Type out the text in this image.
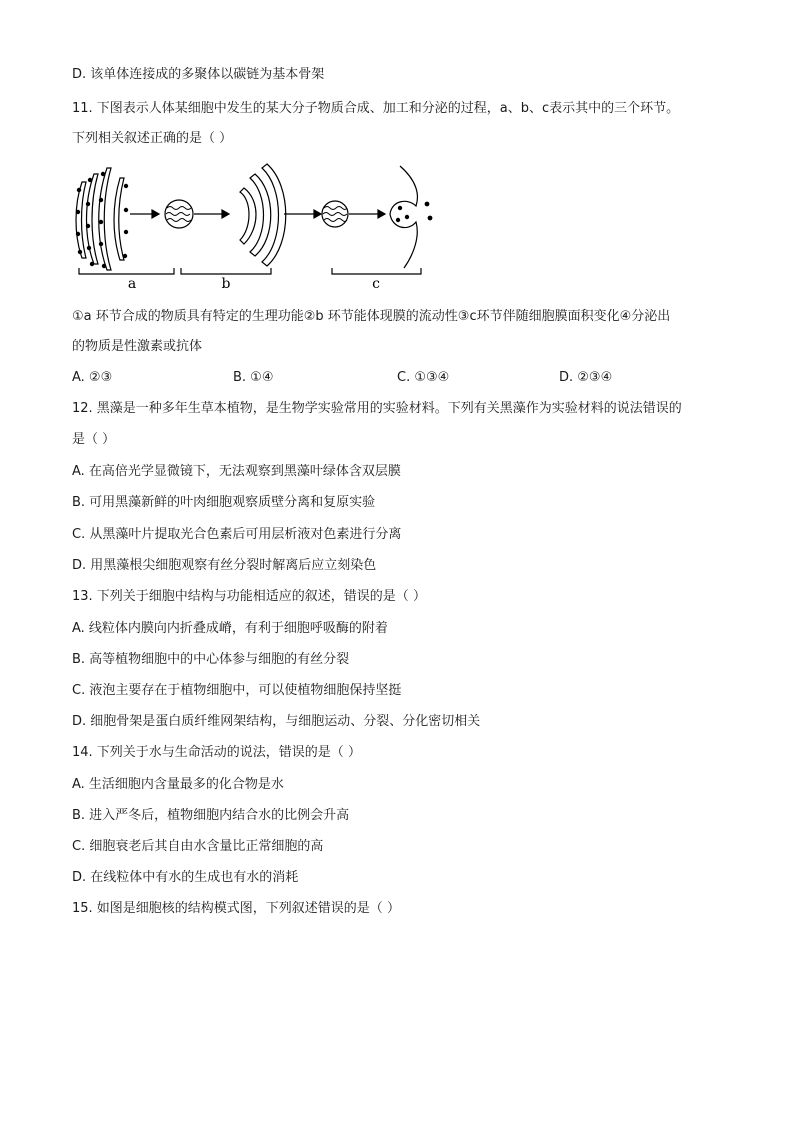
D. 该单体连接成的多聚体以碳链为基本骨架
11. 下图表示人体某细胞中发生的某大分子物质合成、加工和分泌的过程，a、b、c表示其中的三个环节。
下列相关叙述正确的是（ ）
a	b	c
①a 环节合成的物质具有特定的生理功能②b 环节能体现膜的流动性③c环节伴随细胞膜面积变化④分泌出
的物质是性激素或抗体
A. ②③	B. ①④	C. ①③④	D. ②③④
12. 黑藻是一种多年生草本植物，是生物学实验常用的实验材料。下列有关黑藻作为实验材料的说法错误的
是（ ）
A. 在高倍光学显微镜下，无法观察到黑藻叶绿体含双层膜
B. 可用黑藻新鲜的叶肉细胞观察质壁分离和复原实验
C. 从黑藻叶片提取光合色素后可用层析液对色素进行分离
D. 用黑藻根尖细胞观察有丝分裂时解离后应立刻染色
13. 下列关于细胞中结构与功能相适应的叙述，错误的是（ ）
A. 线粒体内膜向内折叠成嵴，有利于细胞呼吸酶的附着
B. 高等植物细胞中的中心体参与细胞的有丝分裂
C. 液泡主要存在于植物细胞中，可以使植物细胞保持坚挺
D. 细胞骨架是蛋白质纤维网架结构，与细胞运动、分裂、分化密切相关
14. 下列关于水与生命活动的说法，错误的是（ ）
A. 生活细胞内含量最多的化合物是水
B. 进入严冬后，植物细胞内结合水的比例会升高
C. 细胞衰老后其自由水含量比正常细胞的高
D. 在线粒体中有水的生成也有水的消耗
15. 如图是细胞核的结构模式图，下列叙述错误的是（ ）
